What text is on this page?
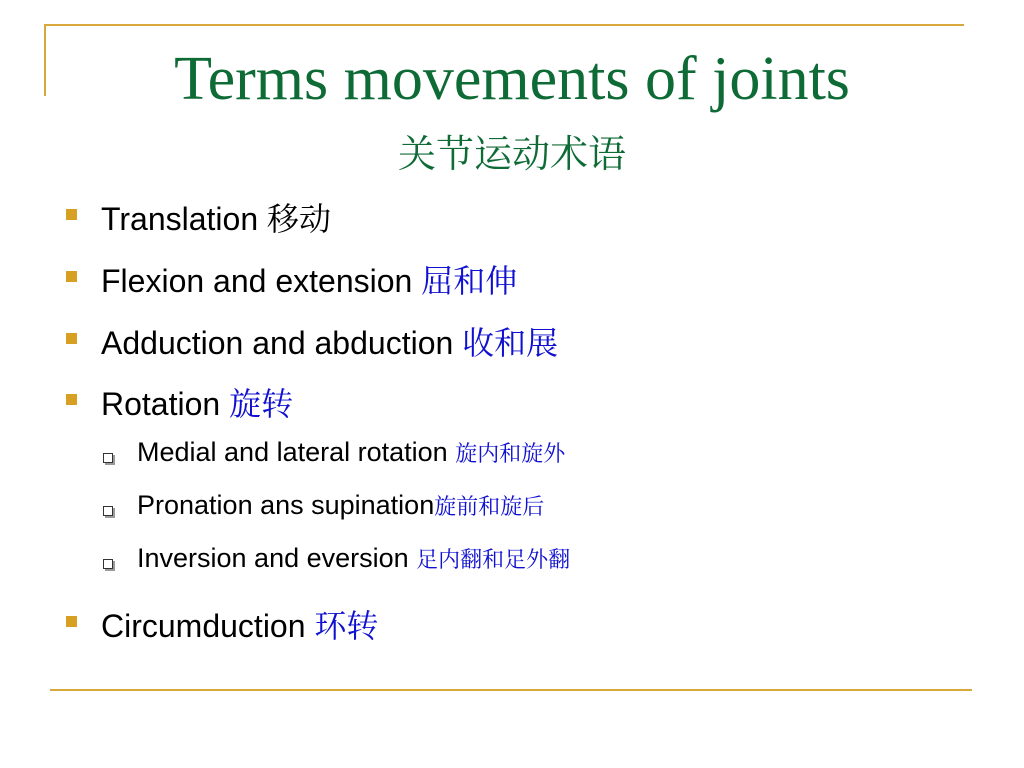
Terms movements of joints
关节运动术语
Translation 移动
Flexion and extension 屈和伸
Adduction and abduction 收和展
Rotation 旋转
Medial and lateral rotation 旋内和旋外
Pronation ans supination旋前和旋后
Inversion and eversion 足内翻和足外翻
Circumduction 环转
